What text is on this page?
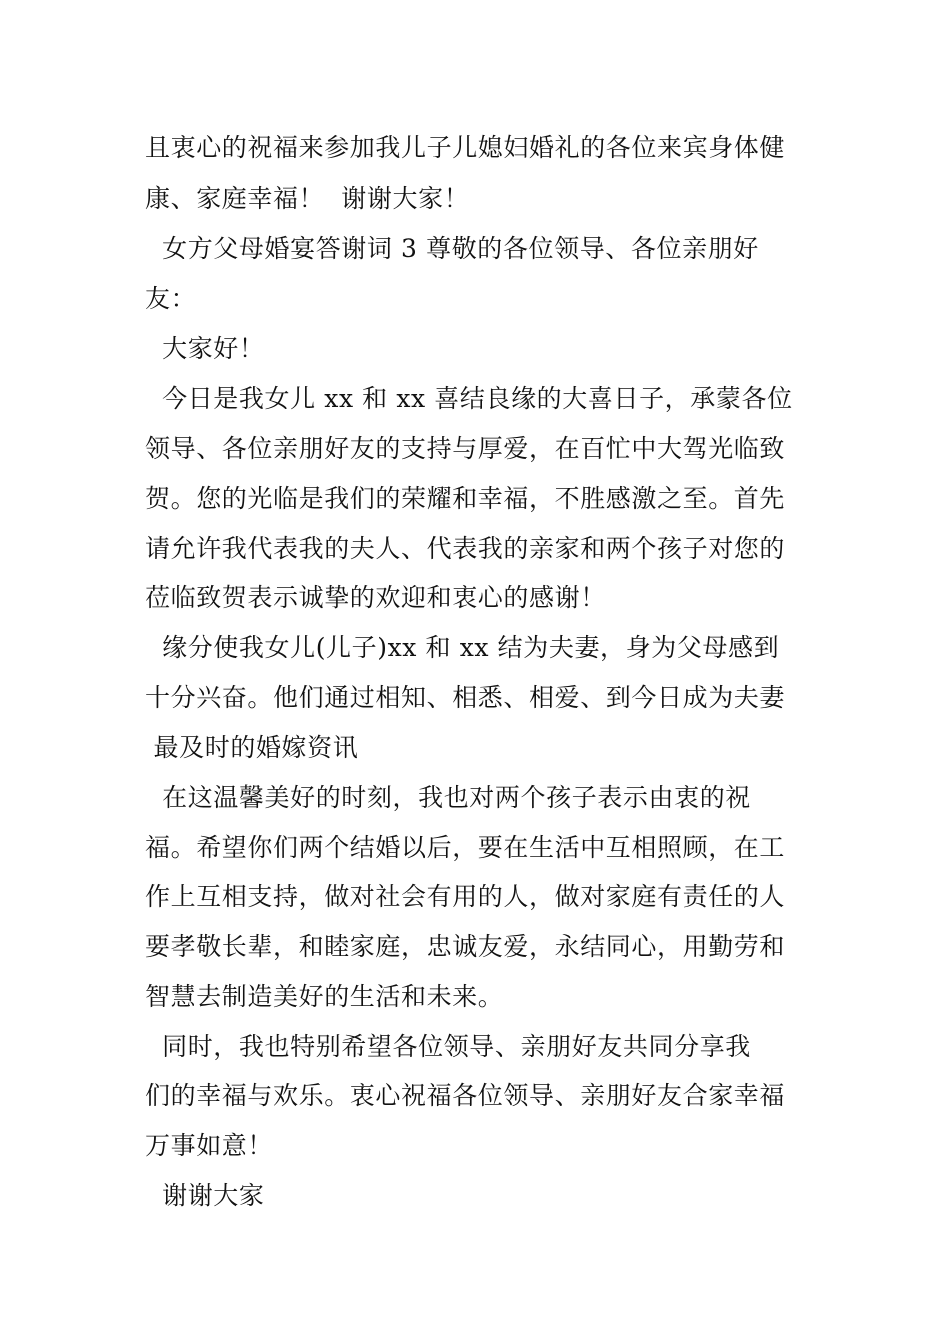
且衷心的祝福来参加我儿子儿媳妇婚礼的各位来宾身体健
康、家庭幸福！  谢谢大家！
女方父母婚宴答谢词 3 尊敬的各位领导、各位亲朋好
友：
大家好！
今日是我女儿 xx 和 xx 喜结良缘的大喜日子，承蒙各位
领导、各位亲朋好友的支持与厚爱，在百忙中大驾光临致
贺。您的光临是我们的荣耀和幸福，不胜感激之至。首先
请允许我代表我的夫人、代表我的亲家和两个孩子对您的
莅临致贺表示诚挚的欢迎和衷心的感谢！
缘分使我女儿(儿子)xx 和 xx 结为夫妻，身为父母感到
十分兴奋。他们通过相知、相悉、相爱、到今日成为夫妻
最及时的婚嫁资讯
在这温馨美好的时刻，我也对两个孩子表示由衷的祝
福。希望你们两个结婚以后，要在生活中互相照顾，在工
作上互相支持，做对社会有用的人，做对家庭有责任的人
要孝敬长辈，和睦家庭，忠诚友爱，永结同心，用勤劳和
智慧去制造美好的生活和未来。
同时，我也特别希望各位领导、亲朋好友共同分享我
们的幸福与欢乐。衷心祝福各位领导、亲朋好友合家幸福
万事如意！
谢谢大家
